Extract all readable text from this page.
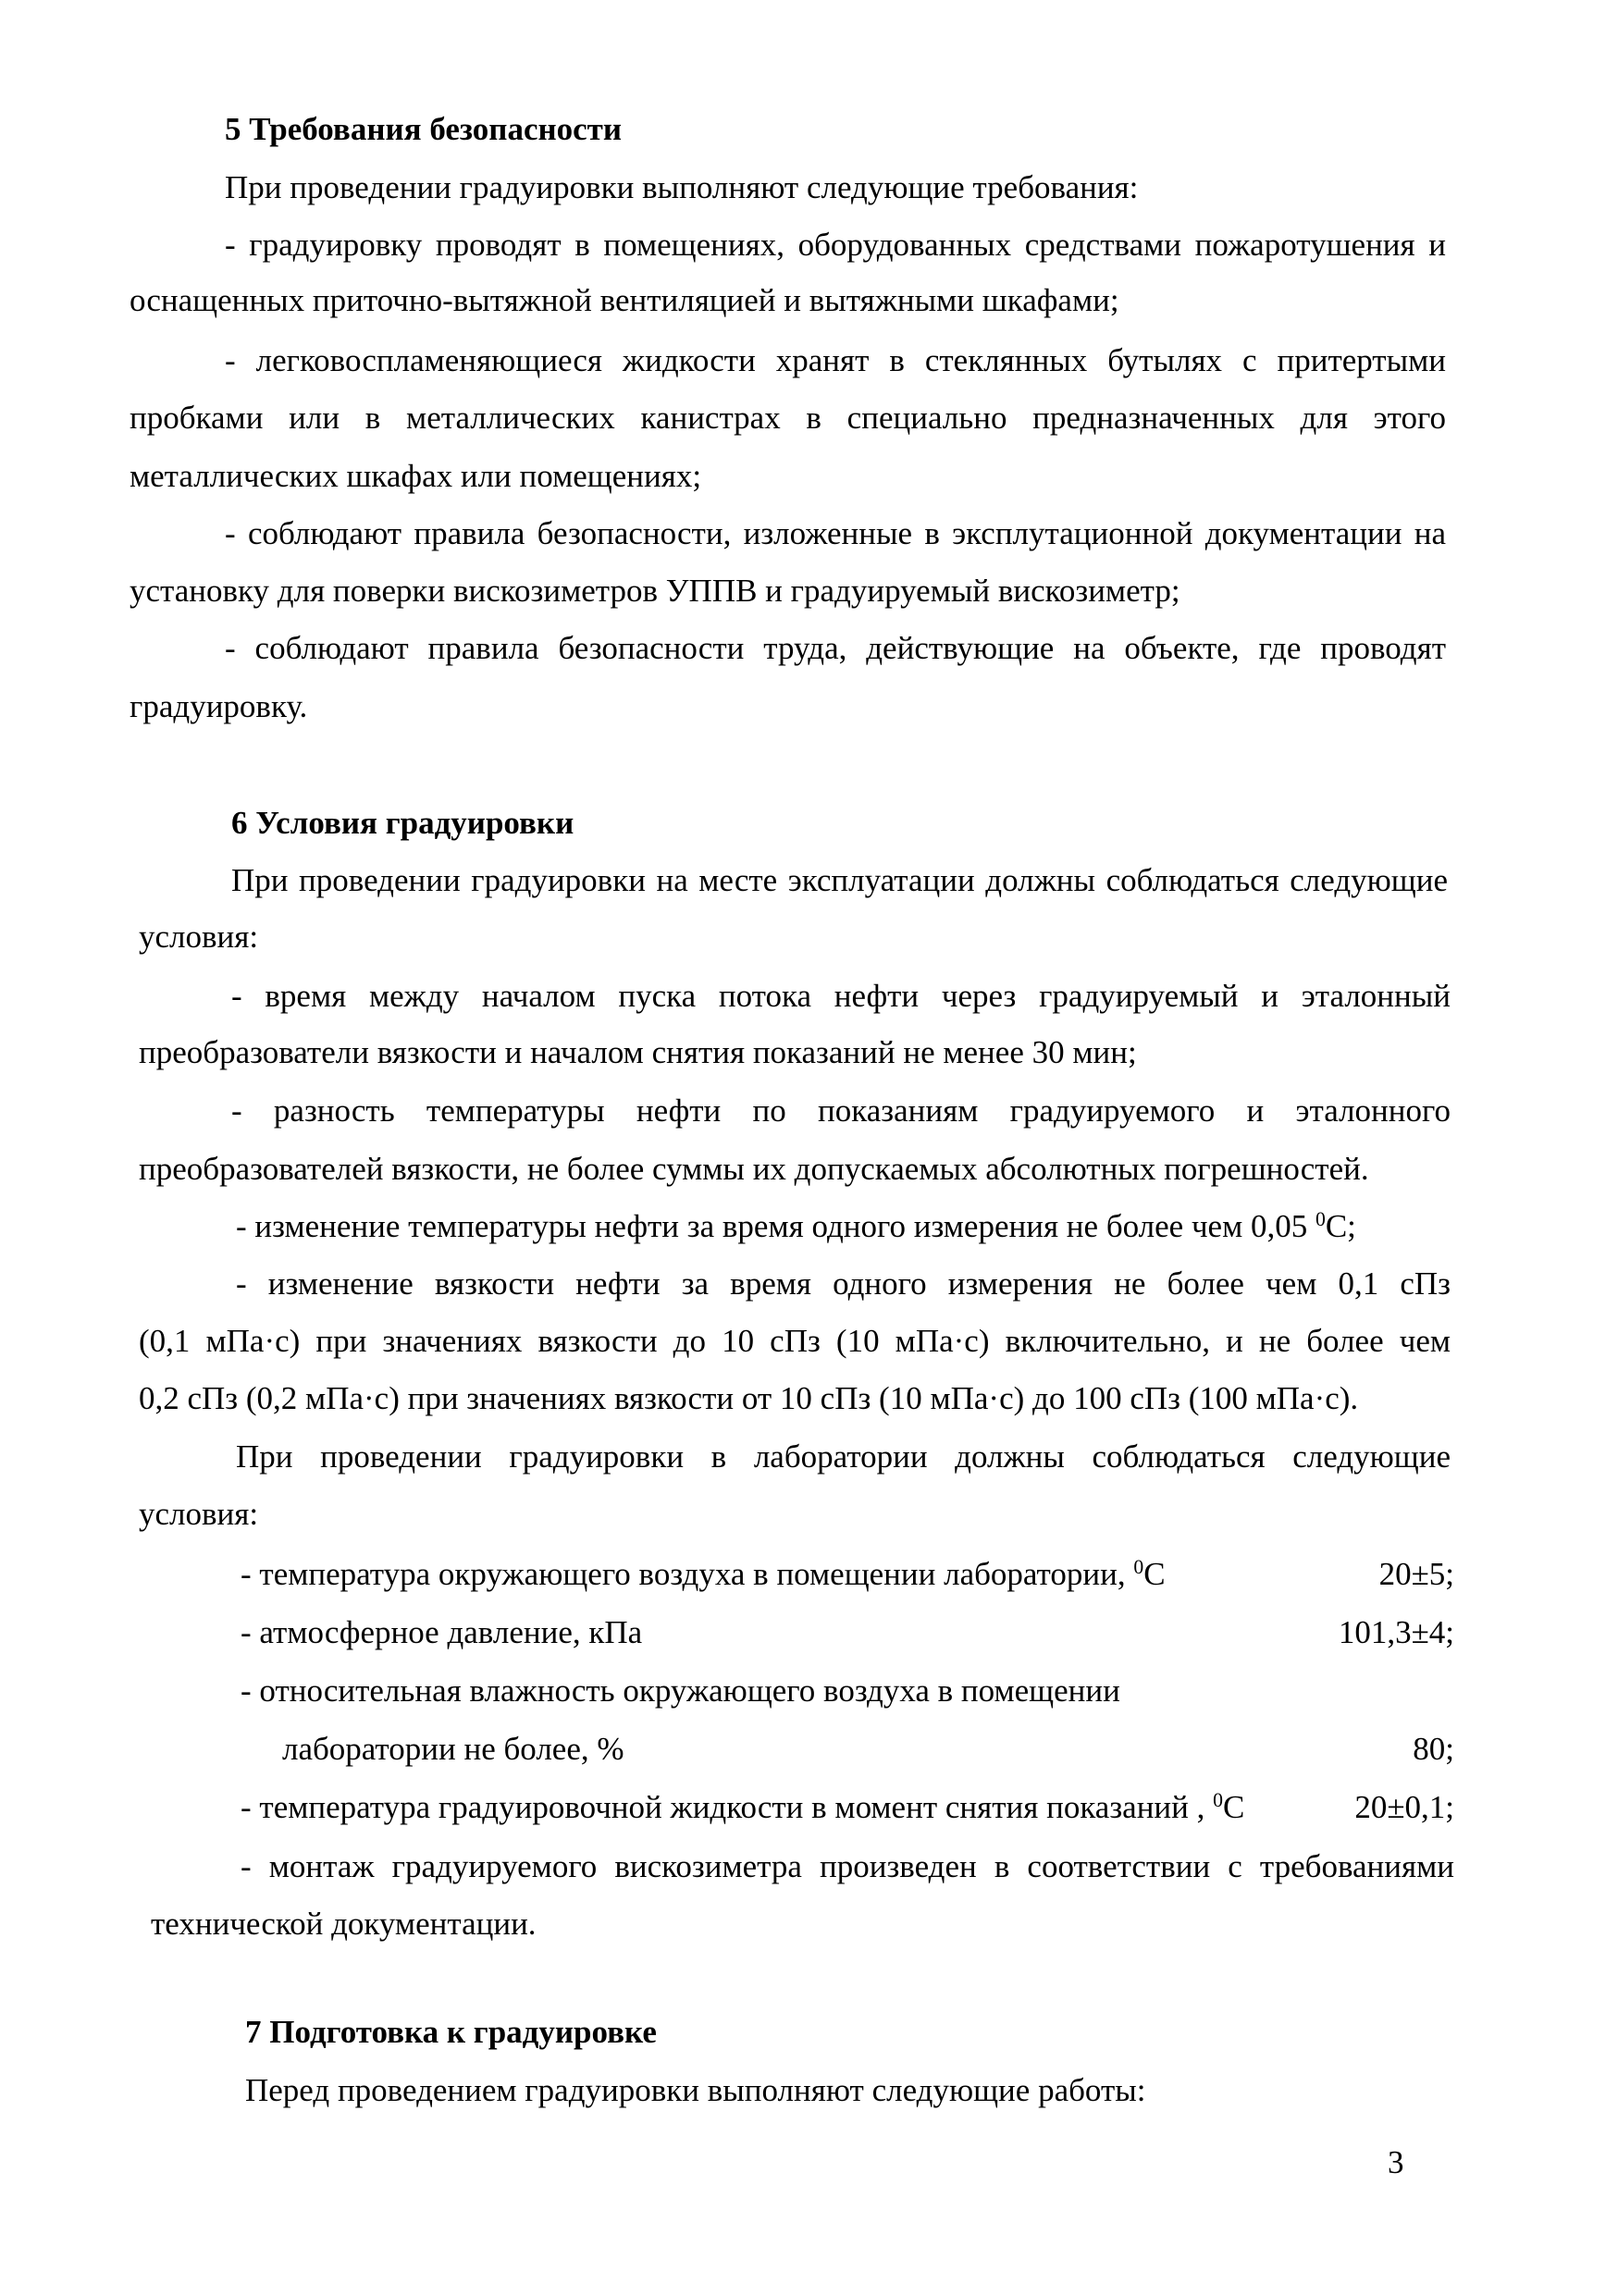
5 Требования безопасности
При проведении градуировки выполняют следующие требования:
- градуировку проводят в помещениях, оборудованных средствами пожаротушения и
оснащенных приточно-вытяжной вентиляцией и вытяжными шкафами;
- легковоспламеняющиеся жидкости хранят в стеклянных бутылях с притертыми
пробками или в металлических канистрах в специально предназначенных для этого
металлических шкафах или помещениях;
- соблюдают правила безопасности, изложенные в эксплутационной документации на
установку для поверки вискозиметров УППВ и градуируемый вискозиметр;
- соблюдают правила безопасности труда, действующие на объекте, где проводят
градуировку.
6 Условия градуировки
При проведении градуировки на месте эксплуатации должны соблюдаться следующие
условия:
- время между началом пуска потока нефти через градуируемый и эталонный
преобразователи вязкости и началом снятия показаний не менее 30 мин;
- разность температуры нефти по показаниям градуируемого и эталонного
преобразователей вязкости, не более суммы их допускаемых абсолютных погрешностей.
- изменение температуры нефти за время одного измерения не более чем 0,05 $^0$С;
- изменение вязкости нефти за время одного измерения не более чем 0,1 сПз
(0,1 мПа·с) при значениях вязкости до 10 сПз (10 мПа·с) включительно, и не более чем
0,2 сПз (0,2 мПа·с) при значениях вязкости от 10 сПз (10 мПа·с) до 100 сПз (100 мПа·с).
При проведении градуировки в лаборатории должны соблюдаться следующие
условия:
- температура окружающего воздуха в помещении лаборатории, $^0$С	20±5;
- атмосферное давление, кПа	101,3±4;
- относительная влажность окружающего воздуха в помещении
лаборатории не более, %	80;
- температура градуировочной жидкости в момент снятия показаний , $^0$С	20±0,1;
- монтаж градуируемого вискозиметра произведен в соответствии с требованиями
технической документации.
7 Подготовка к градуировке
Перед проведением градуировки выполняют следующие работы:
3
